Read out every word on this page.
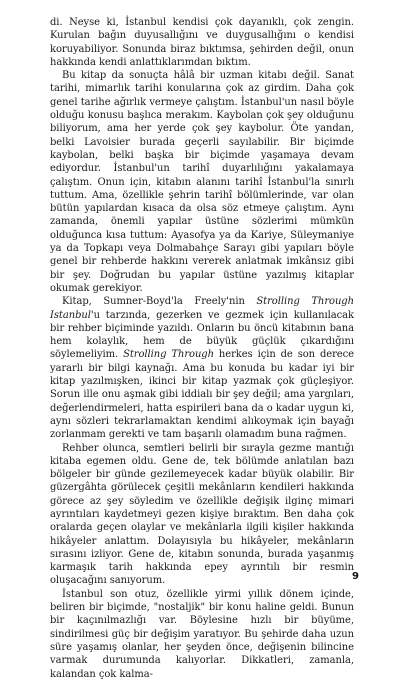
di. Neyse ki, İstanbul kendisi çok dayanıklı, çok zengin. Kurulan bağın duyusallığını ve duygusallığını o kendisi koruyabiliyor. Sonunda biraz bıktımsa, şehirden değil, onun hakkında kendi anlattıklarımdan bıktım.

Bu kitap da sonuçta hâlâ bir uzman kitabı değil. Sanat tarihi, mimarlık tarihi konularına çok az girdim. Daha çok genel tarihe ağırlık vermeye çalıştım. İstanbul'un nasıl böyle olduğu konusu başlıca merakım. Kaybolan çok şey olduğunu biliyorum, ama her yerde çok şey kaybolur. Öte yandan, belki Lavoisier burada geçerli sayılabilir. Bir biçimde kaybolan, belki başka bir biçimde yaşamaya devam ediyordur. İstanbul'un tarihî duyarlılığını yakalamaya çalıştım. Onun için, kitabın alanını tarihî İstanbul'la sınırlı tuttum. Ama, özellikle şehrin tarihî bölümlerinde, var olan bütün yapılardan kısaca da olsa söz etmeye çalıştım. Aynı zamanda, önemli yapılar üstüne sözlerimi mümkün olduğunca kısa tuttum: Ayasofya ya da Kariye, Süleymaniye ya da Topkapı veya Dolmabahçe Sarayı gibi yapıları böyle genel bir rehberde hakkını vererek anlatmak imkânsız gibi bir şey. Doğrudan bu yapılar üstüne yazılmış kitaplar okumak gerekiyor.

Kitap, Sumner-Boyd'la Freely'nin Strolling Through Istanbul'u tarzında, gezerken ve gezmek için kullanılacak bir rehber biçiminde yazıldı. Onların bu öncü kitabının bana hem kolaylık, hem de büyük güçlük çıkardığını söylemeliyim. Strolling Through herkes için de son derece yararlı bir bilgi kaynağı. Ama bu konuda bu kadar iyi bir kitap yazılmışken, ikinci bir kitap yazmak çok güçleşiyor. Sorun ille onu aşmak gibi iddialı bir şey değil; ama yargıları, değerlendirmeleri, hatta espirileri bana da o kadar uygun ki, aynı sözleri tekrarlamaktan kendimi alıkoymak için bayağı zorlanmam gerekti ve tam başarılı olamadım buna rağmen.

Rehber olunca, semtleri belirli bir sırayla gezme mantığı kitaba egemen oldu. Gene de, tek bölümde anlatılan bazı bölgeler bir günde gezilemeyecek kadar büyük olabilir. Bir güzergâhta görülecek çeşitli mekânların kendileri hakkında görece az şey söyledim ve özellikle değişik ilginç mimari ayrıntıları kaydetmeyi gezen kişiye bıraktım. Ben daha çok oralarda geçen olaylar ve mekânlarla ilgili kişiler hakkında hikâyeler anlattım. Dolayısıyla bu hikâyeler, mekânların sırasını izliyor. Gene de, kitabın sonunda, burada yaşanmış karmaşık tarih hakkında epey ayrıntılı bir resmin oluşacağını sanıyorum.

İstanbul son otuz, özellikle yirmi yıllık dönem içinde, beliren bir biçimde, "nostaljik" bir konu haline geldi. Bunun bir kaçınılmazlığı var. Böylesine hızlı bir büyüme, sindirilmesi güç bir değişim yaratıyor. Bu şehirde daha uzun süre yaşamış olanlar, her şeyden önce, değişenin bilincine varmak durumunda kalıyorlar. Dikkatleri, zamanla, kalandan çok kalma-

9
